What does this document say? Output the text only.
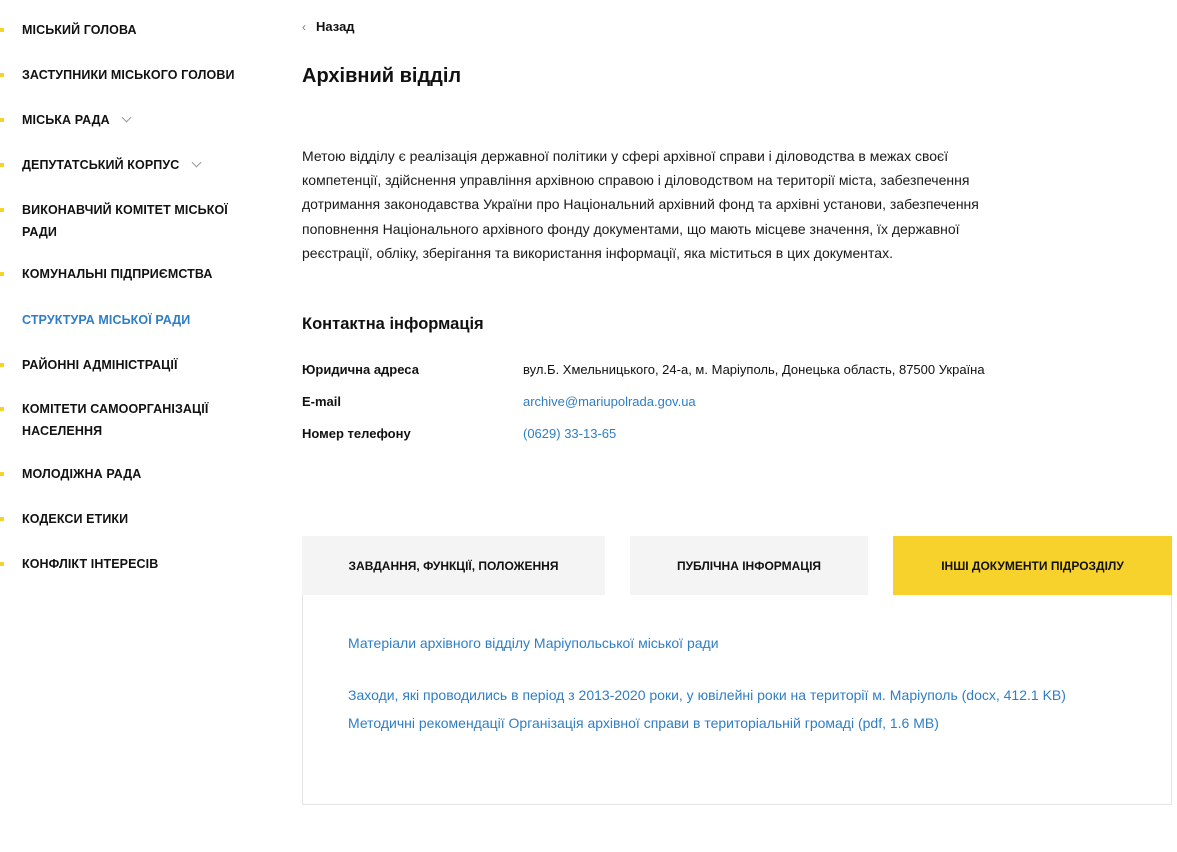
МІСЬКИЙ ГОЛОВА
ЗАСТУПНИКИ МІСЬКОГО ГОЛОВИ
МІСЬКА РАДА
ДЕПУТАТСЬКИЙ КОРПУС
ВИКОНАВЧИЙ КОМІТЕТ МІСЬКОЇ
РАДИ
КОМУНАЛЬНІ ПІДПРИЄМСТВА
СТРУКТУРА МІСЬКОЇ РАДИ
РАЙОННІ АДМІНІСТРАЦІЇ
КОМІТЕТИ САМООРГАНІЗАЦІЇ
НАСЕЛЕННЯ
МОЛОДІЖНА РАДА
КОДЕКСИ ЕТИКИ
КОНФЛІКТ ІНТЕРЕСІВ
‹ Назад
Архівний відділ

Метою відділу є реалізація державної політики у сфері архівної справи і діловодства в межах своєї компетенції, здійснення управління архівною справою і діловодством на території міста, забезпечення дотримання законодавства України про Національний архівний фонд та архівні установи, забезпечення поповнення Національного архівного фонду документами, що мають місцеве значення, їх державної реєстрації, обліку, зберігання та використання інформації, яка міститься в цих документах.

Контактна інформація
Юридична адреса	вул.Б. Хмельницького, 24-а, м. Маріуполь, Донецька область, 87500 Україна
E-mail	archive@mariupolrada.gov.ua
Номер телефону	(0629) 33-13-65
ЗАВДАННЯ, ФУНКЦІЇ, ПОЛОЖЕННЯ	ПУБЛІЧНА ІНФОРМАЦІЯ	ІНШІ ДОКУМЕНТИ ПІДРОЗДІЛУ
Матеріали архівного відділу Маріупольської міської ради
Заходи, які проводились в період з 2013-2020 роки, у ювілейні роки на території м. Маріуполь (docx, 412.1 KB)
Методичні рекомендації Організація архівної справи в територіальній громаді (pdf, 1.6 MB)
